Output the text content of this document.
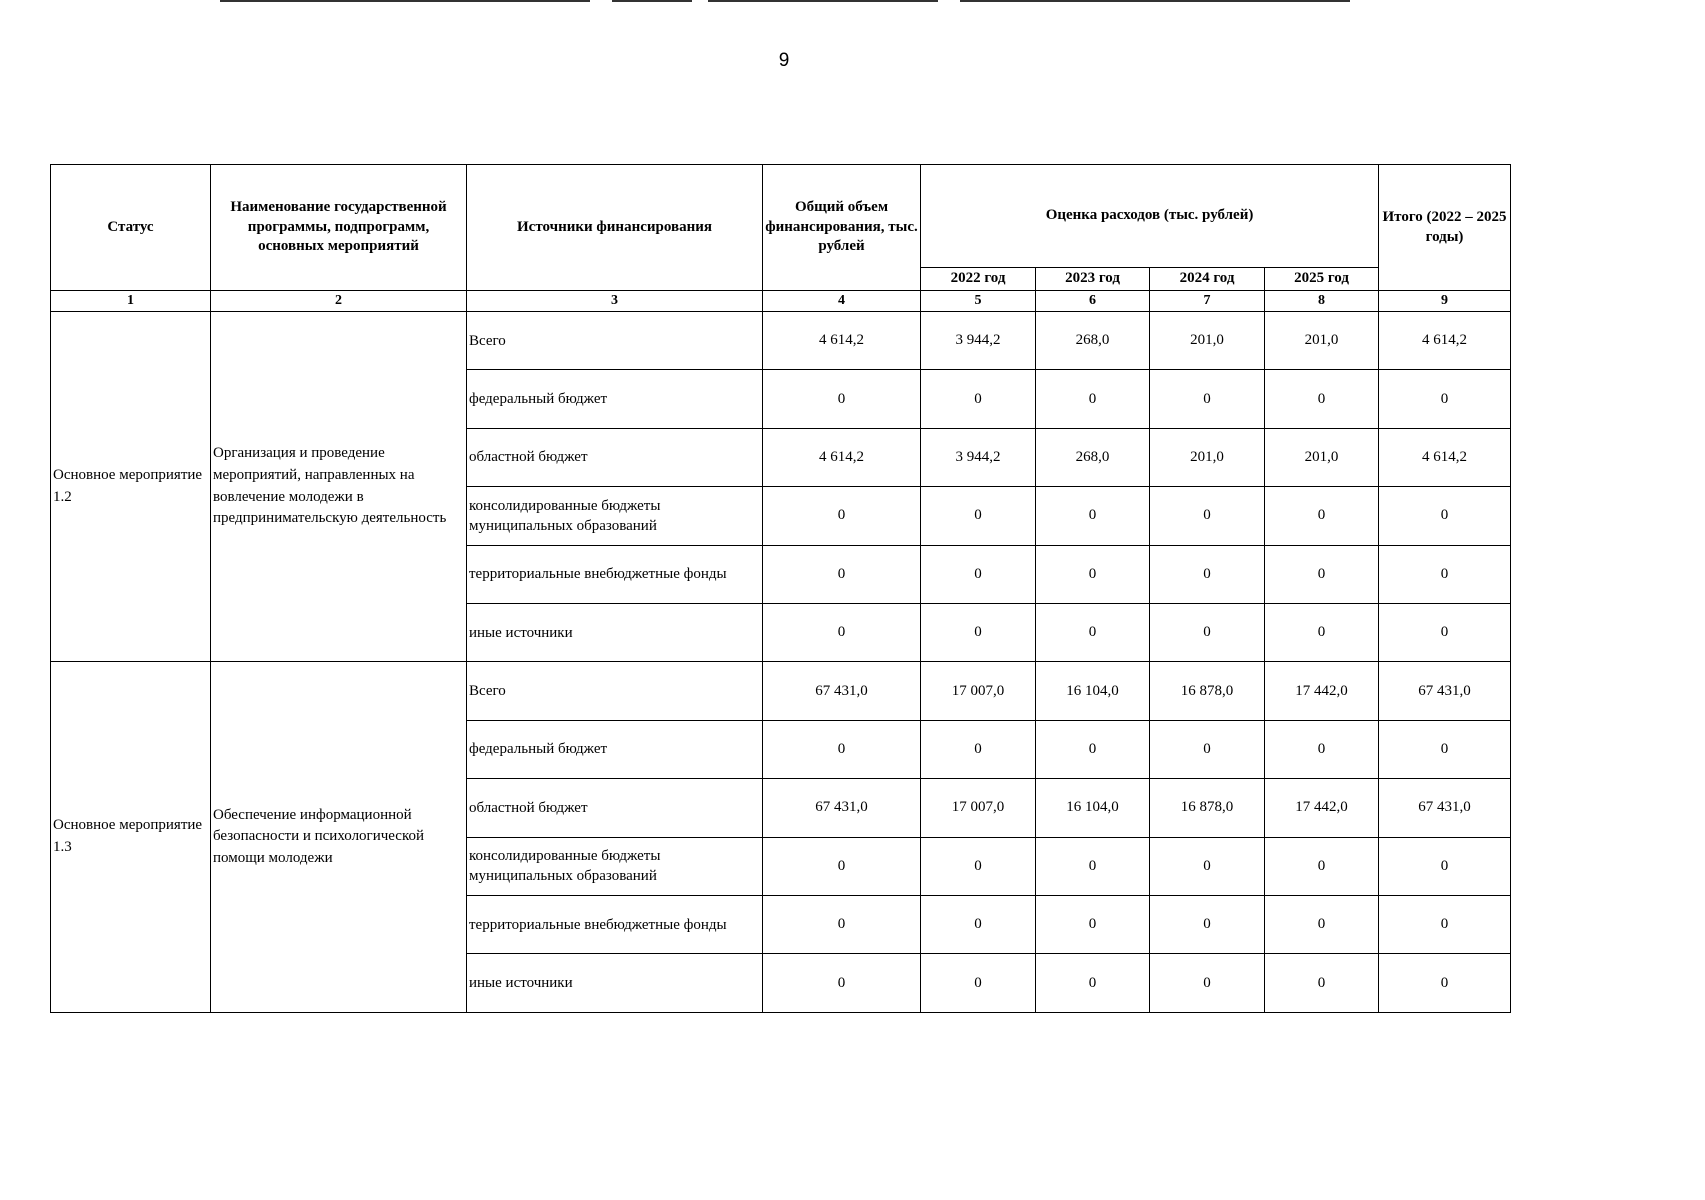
9
Статус	Наименование государственной программы, подпрограмм, основных мероприятий	Источники финансирования	Общий объем финансирования, тыс. рублей	Оценка расходов (тыс. рублей)				Итого (2022 – 2025 годы)
				2022 год	2023 год	2024 год	2025 год	
1	2	3	4	5	6	7	8	9
Основное мероприятие 1.2	Организация и проведение мероприятий, направленных на вовлечение молодежи в предпринимательскую деятельность	Всего	4 614,2	3 944,2	268,0	201,0	201,0	4 614,2
		федеральный бюджет	0	0	0	0	0	0
		областной бюджет	4 614,2	3 944,2	268,0	201,0	201,0	4 614,2
		консолидированные бюджеты муниципальных образований	0	0	0	0	0	0
		территориальные внебюджетные фонды	0	0	0	0	0	0
		иные источники	0	0	0	0	0	0
Основное мероприятие 1.3	Обеспечение информационной безопасности и психологической помощи молодежи	Всего	67 431,0	17 007,0	16 104,0	16 878,0	17 442,0	67 431,0
		федеральный бюджет	0	0	0	0	0	0
		областной бюджет	67 431,0	17 007,0	16 104,0	16 878,0	17 442,0	67 431,0
		консолидированные бюджеты муниципальных образований	0	0	0	0	0	0
		территориальные внебюджетные фонды	0	0	0	0	0	0
		иные источники	0	0	0	0	0	0
